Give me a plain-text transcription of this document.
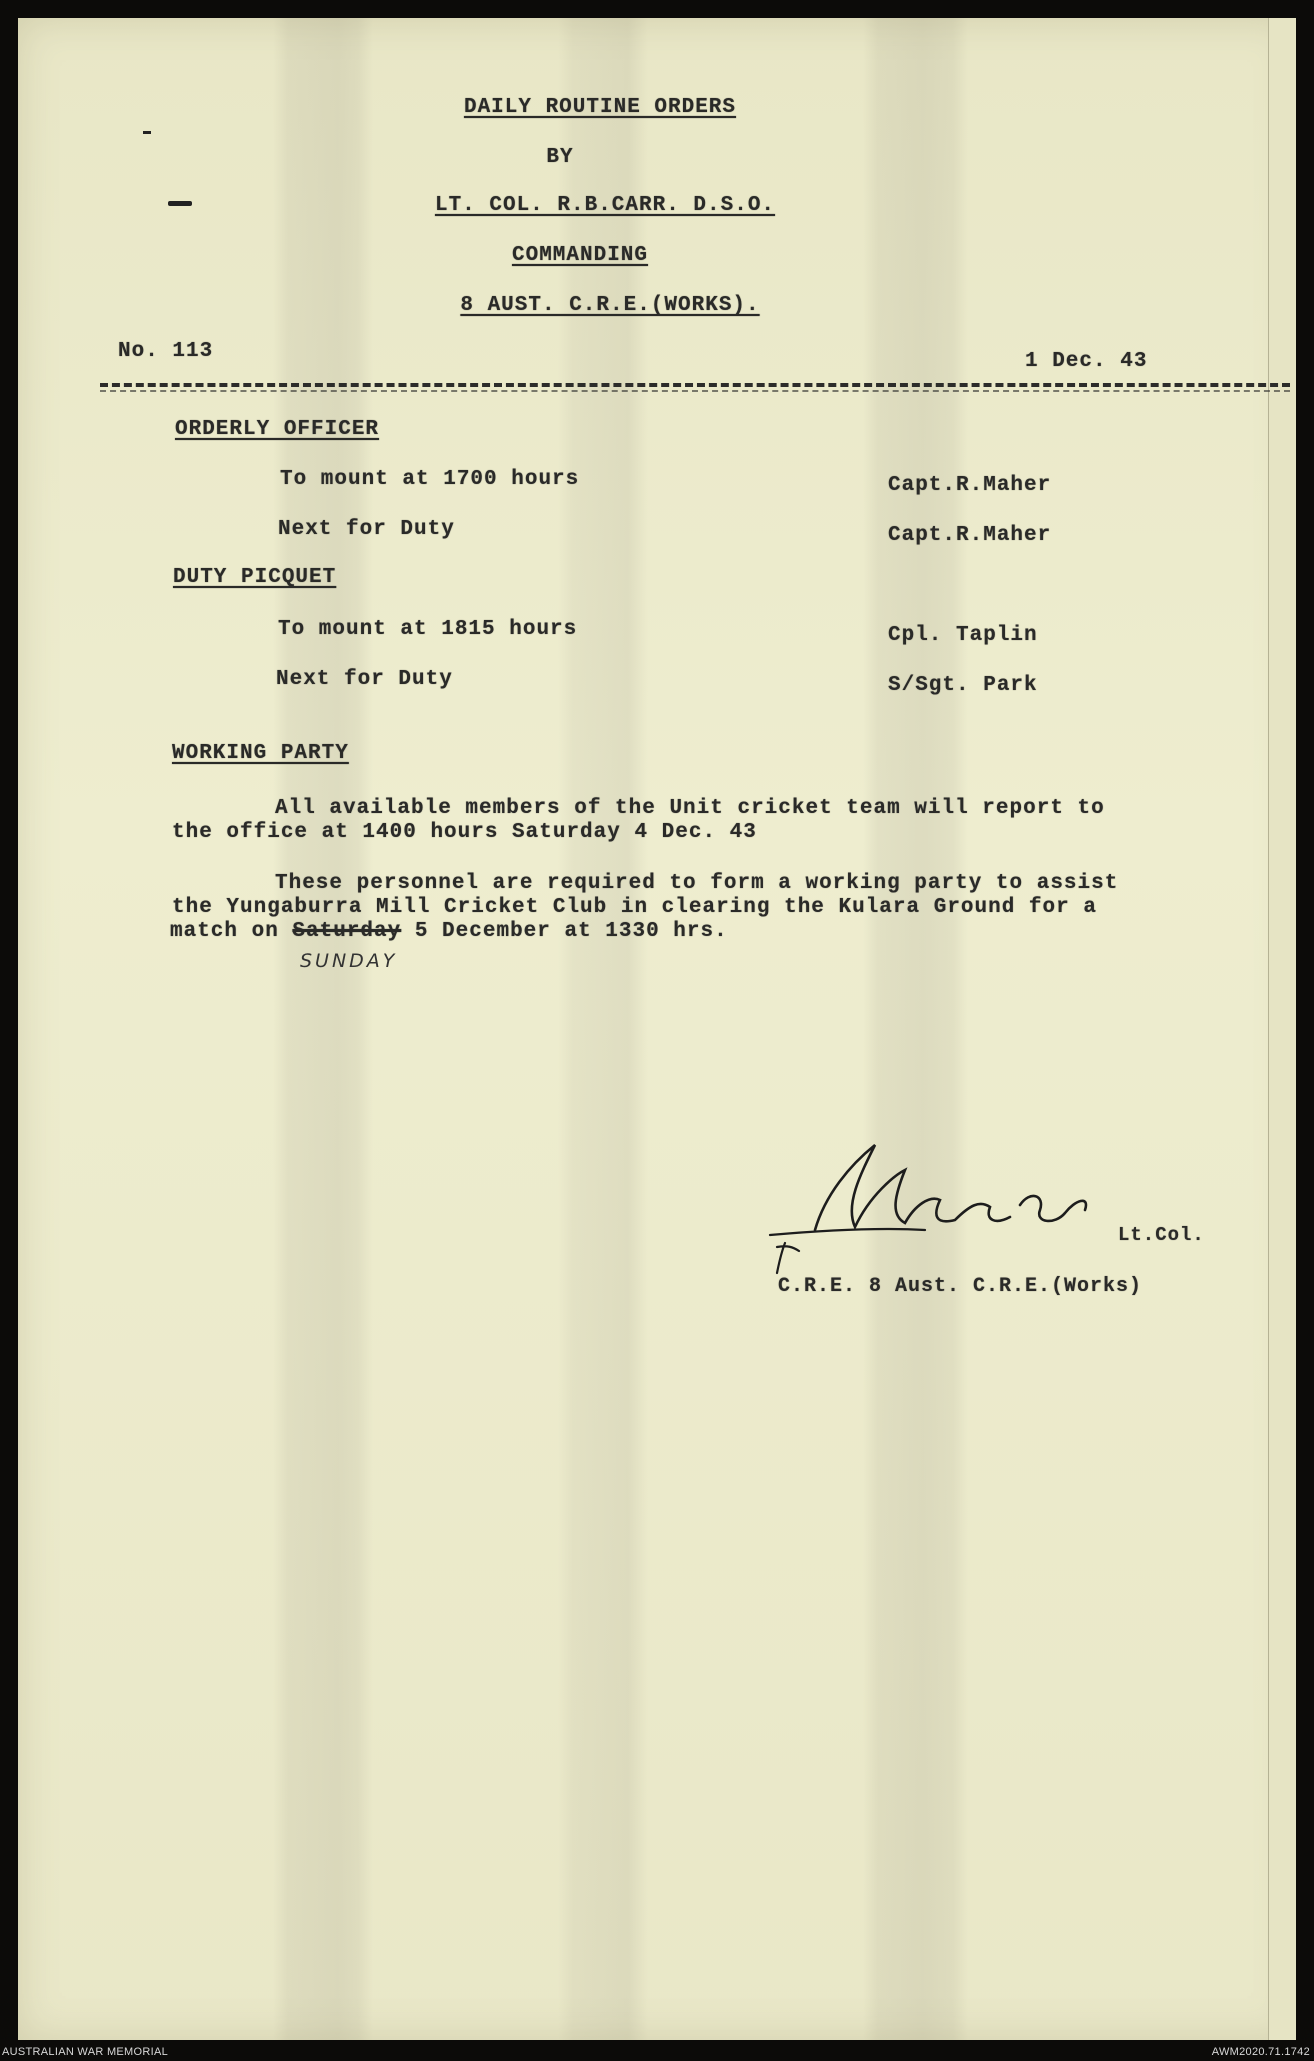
DAILY ROUTINE ORDERS
BY
LT. COL. R.B.CARR. D.S.O.
COMMANDING
8 AUST. C.R.E.(WORKS).
No. 113	1 Dec. 43
ORDERLY OFFICER
To mount at 1700 hours	Capt.R.Maher
Next for Duty	Capt.R.Maher
DUTY PICQUET
To mount at 1815 hours	Cpl. Taplin
Next for Duty	S/Sgt. Park
WORKING PARTY
All available members of the Unit cricket team will report to
the office at 1400 hours Saturday 4 Dec. 43
These personnel are required to form a working party to assist
the Yungaburra Mill Cricket Club in clearing the Kulara Ground for a
match on Saturday 5 December at 1330 hrs.
SUNDAY
Lt.Col.
C.R.E. 8 Aust. C.R.E.(Works)
AUSTRALIAN WAR MEMORIAL	AWM2020.71.1742
